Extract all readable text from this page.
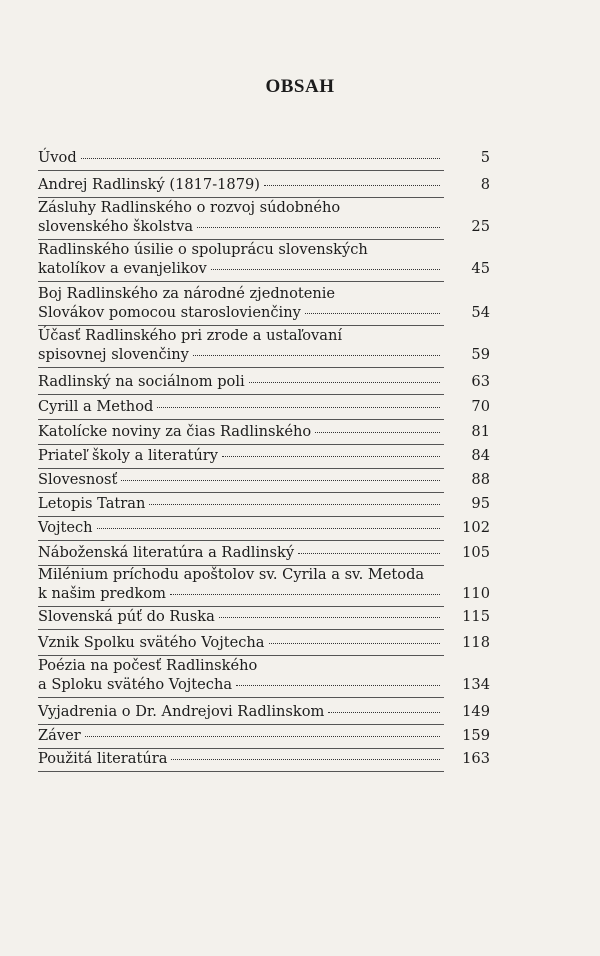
OBSAH
Úvod	5
Andrej Radlinský (1817-1879)	8
Zásluhy Radlinského o rozvoj súdobného
slovenského školstva	25
Radlinského úsilie o spoluprácu slovenských
katolíkov a evanjelikov	45
Boj Radlinského za národné zjednotenie
Slovákov pomocou staroslovienčiny	54
Účasť Radlinského pri zrode a ustaľovaní
spisovnej slovenčiny	59
Radlinský na sociálnom poli	63
Cyrill a Method	70
Katolícke noviny za čias Radlinského	81
Priateľ školy a literatúry	84
Slovesnosť	88
Letopis Tatran	95
Vojtech	102
Náboženská literatúra a Radlinský	105
Milénium príchodu apoštolov sv. Cyrila a sv. Metoda
k našim predkom	110
Slovenská púť do Ruska	115
Vznik Spolku svätého Vojtecha	118
Poézia na počesť Radlinského
a Sploku svätého Vojtecha	134
Vyjadrenia o Dr. Andrejovi Radlinskom	149
Záver	159
Použitá literatúra	163
